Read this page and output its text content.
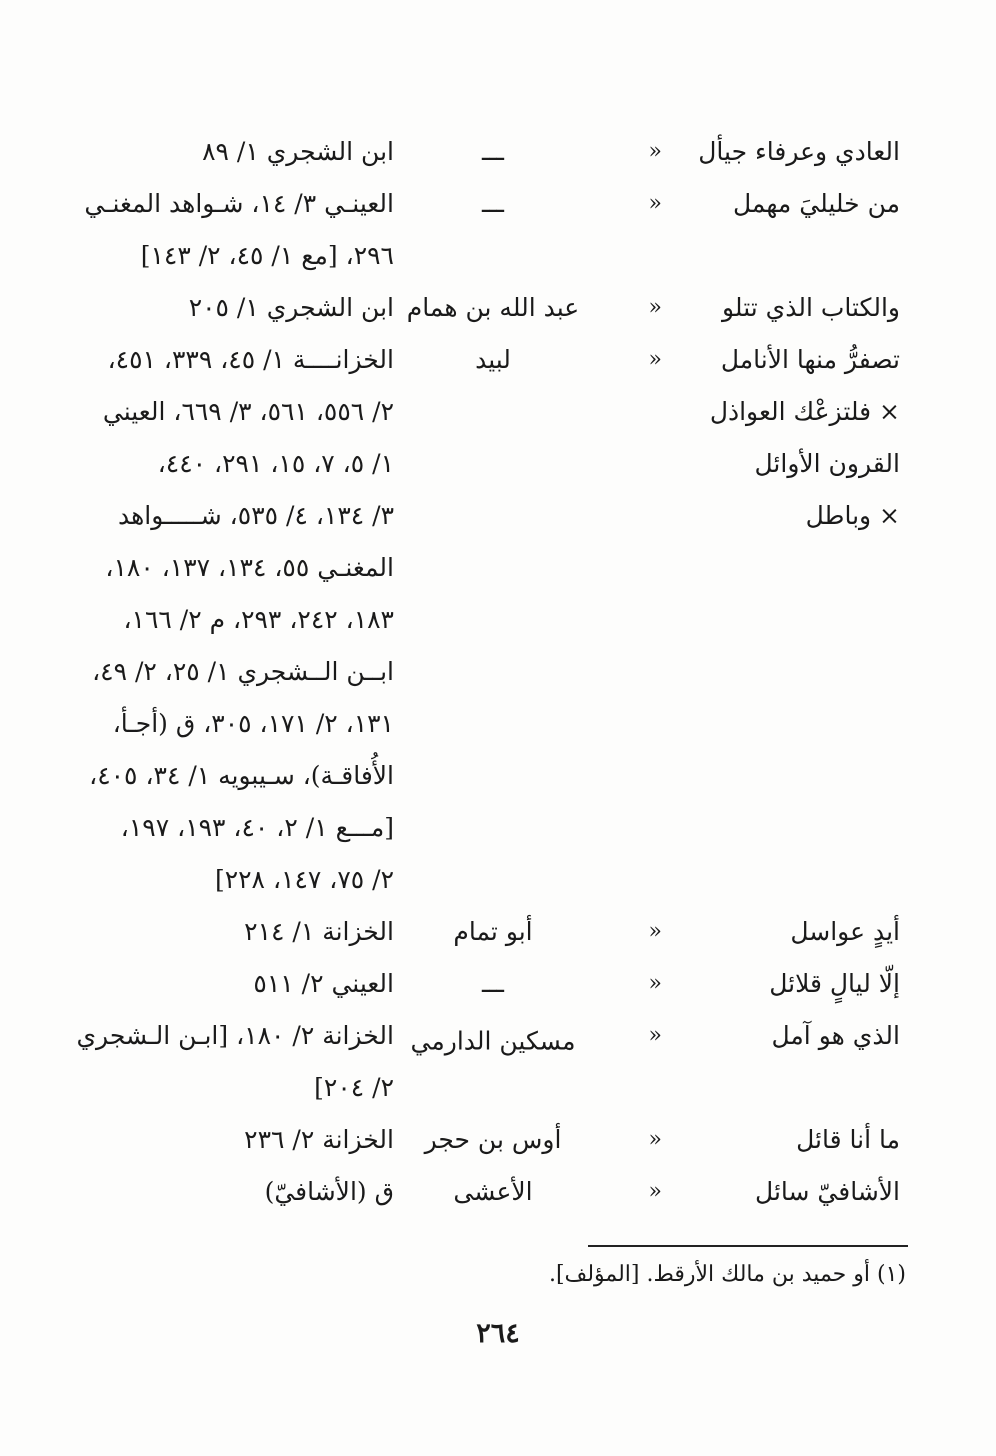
العادي وعرفاء جيأل
«
ـــ
ابن الشجري ١/ ٨٩
من خليليَ مهمل
«
ـــ
العينـي ٣/ ١٤، شـواهد المغنـي
٢٩٦، [مع ١/ ٤٥، ٢/ ١٤٣]
والكتاب الذي تتلو
«
عبد الله بن همام
ابن الشجري ١/ ٢٠٥
تصفرُّ منها الأنامل
«
لبيد
الخزانــــة ١/ ٤٥، ٣٣٩، ٤٥١،
× فلتزعْك العواذل
٢/ ٥٥٦، ٥٦١، ٣/ ٦٦٩، العيني
القرون الأوائل
١/ ٥، ٧، ١٥، ٢٩١، ٤٤٠،
× وباطل
٣/ ١٣٤، ٤/ ٥٣٥، شـــــواهد
المغنـي ٥٥، ١٣٤، ١٣٧، ١٨٠،
١٨٣، ٢٤٢، ٢٩٣، م ٢/ ١٦٦،
ابــن الــشجري ١/ ٢٥، ٢/ ٤٩،
١٣١، ٢/ ١٧١، ٣٠٥، ق (أجـأ،
الأُفاقـة)، سـيبويه ١/ ٣٤، ٤٠٥،
[مـــع ١/ ٢، ٤٠، ١٩٣، ١٩٧،
٢/ ٧٥، ١٤٧، ٢٢٨]
أيدٍ عواسل
«
أبو تمام
الخزانة ١/ ٢١٤
إلّا ليالٍ قلائل
«
ـــ
العيني ٢/ ٥١١
الذي هو آمل
«
مسكين الدارمي
الخزانة ٢/ ١٨٠، [ابـن الـشجري
٢/ ٢٠٤]
ما أنا قائل
«
أوس بن حجر
الخزانة ٢/ ٢٣٦
الأشافيّ سائل
«
الأعشى
ق (الأشافيّ)
(١) أو حميد بن مالك الأرقط. [المؤلف].
٢٦٤
